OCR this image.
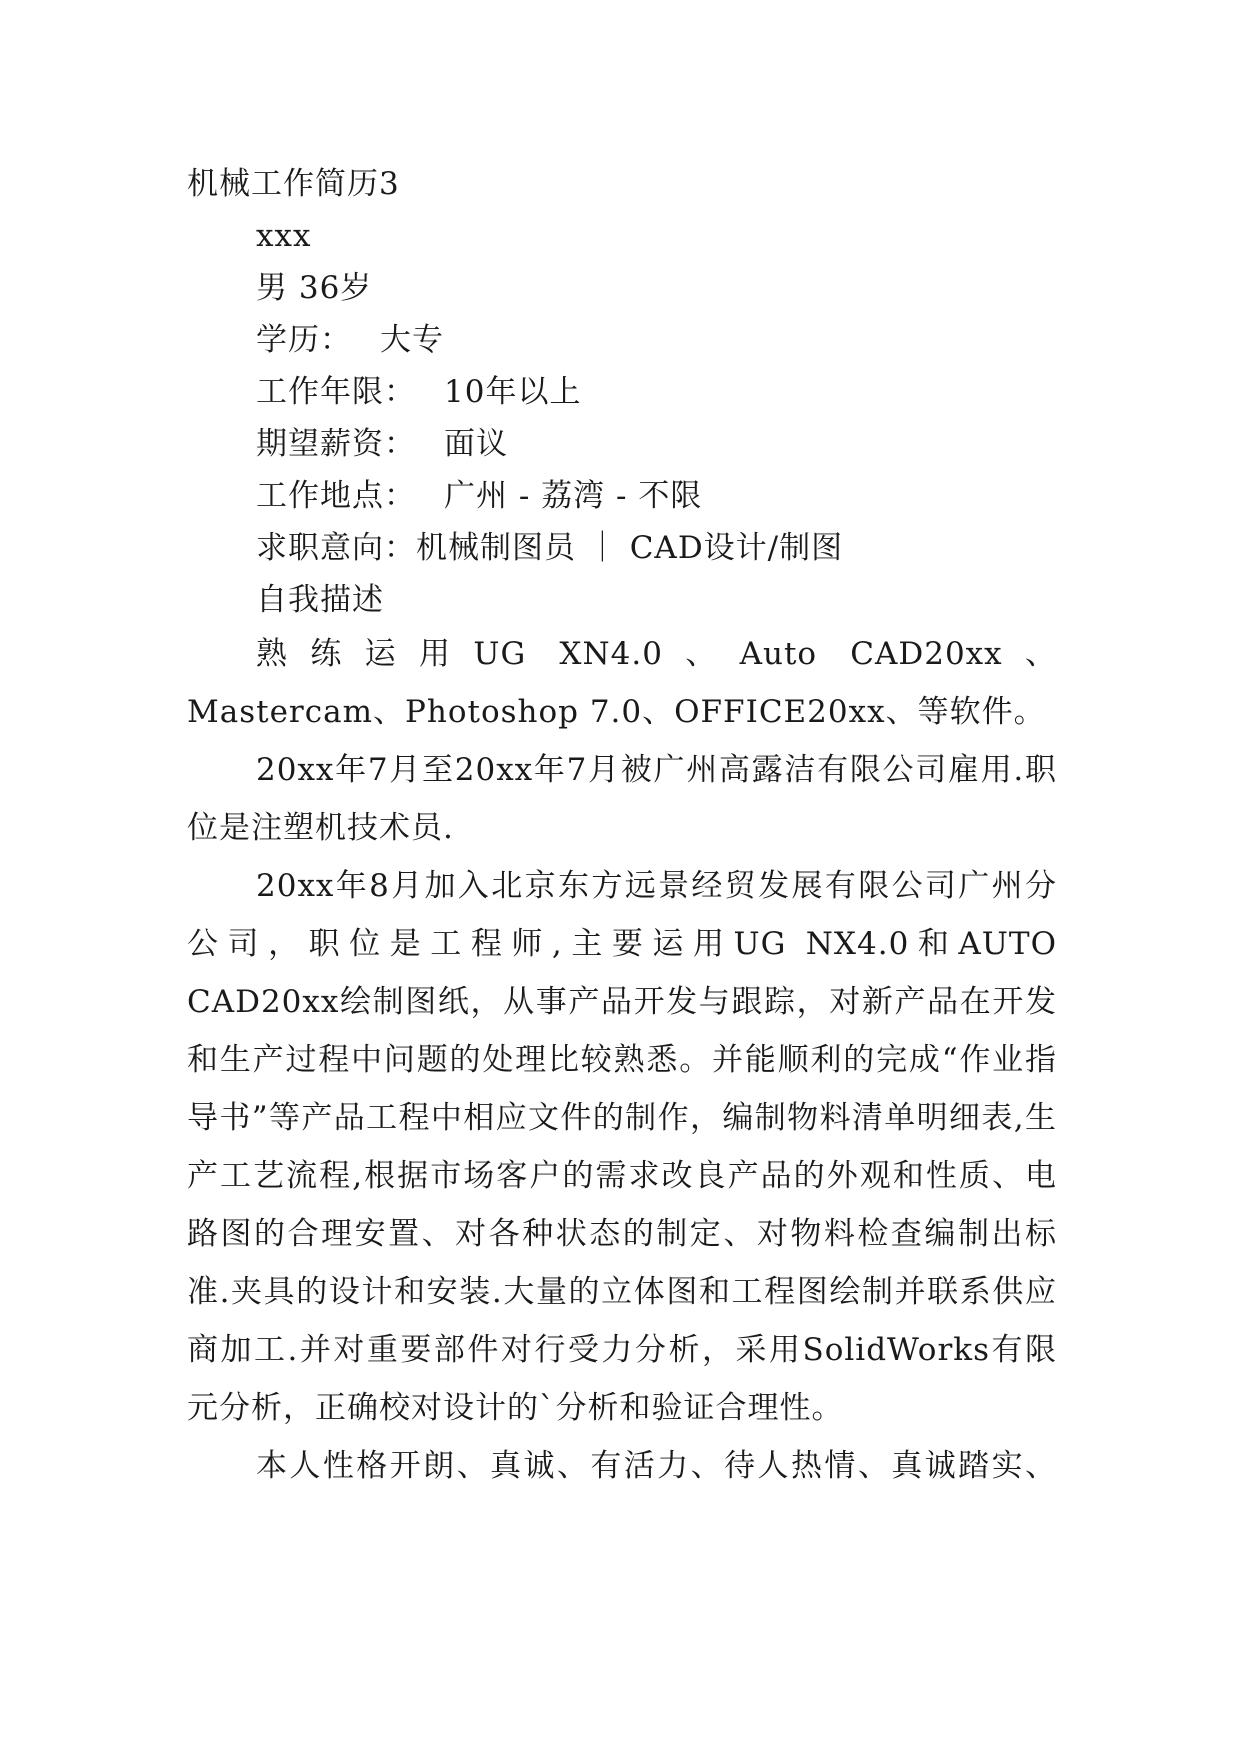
机械工作简历3
xxx
男 36岁
学历： 大专
工作年限： 10年以上
期望薪资： 面议
工作地点： 广州 - 荔湾 - 不限
求职意向：机械制图员 ｜ CAD设计/制图
自我描述
熟练运用UG XN4.0、Auto CAD20xx、Mastercam、Photoshop 7.0、OFFICE20xx、等软件。
20xx年7月至20xx年7月被广州高露洁有限公司雇用.职位是注塑机技术员.
20xx年8月加入北京东方远景经贸发展有限公司广州分公司，职位是工程师,主要运用UG NX4.0和AUTO CAD20xx绘制图纸，从事产品开发与跟踪，对新产品在开发和生产过程中问题的处理比较熟悉。并能顺利的完成“作业指导书”等产品工程中相应文件的制作，编制物料清单明细表,生产工艺流程,根据市场客户的需求改良产品的外观和性质、电路图的合理安置、对各种状态的制定、对物料检查编制出标准.夹具的设计和安装.大量的立体图和工程图绘制并联系供应商加工.并对重要部件对行受力分析，采用SolidWorks有限元分析，正确校对设计的`分析和验证合理性。
本人性格开朗、真诚、有活力、待人热情、真诚踏实、
